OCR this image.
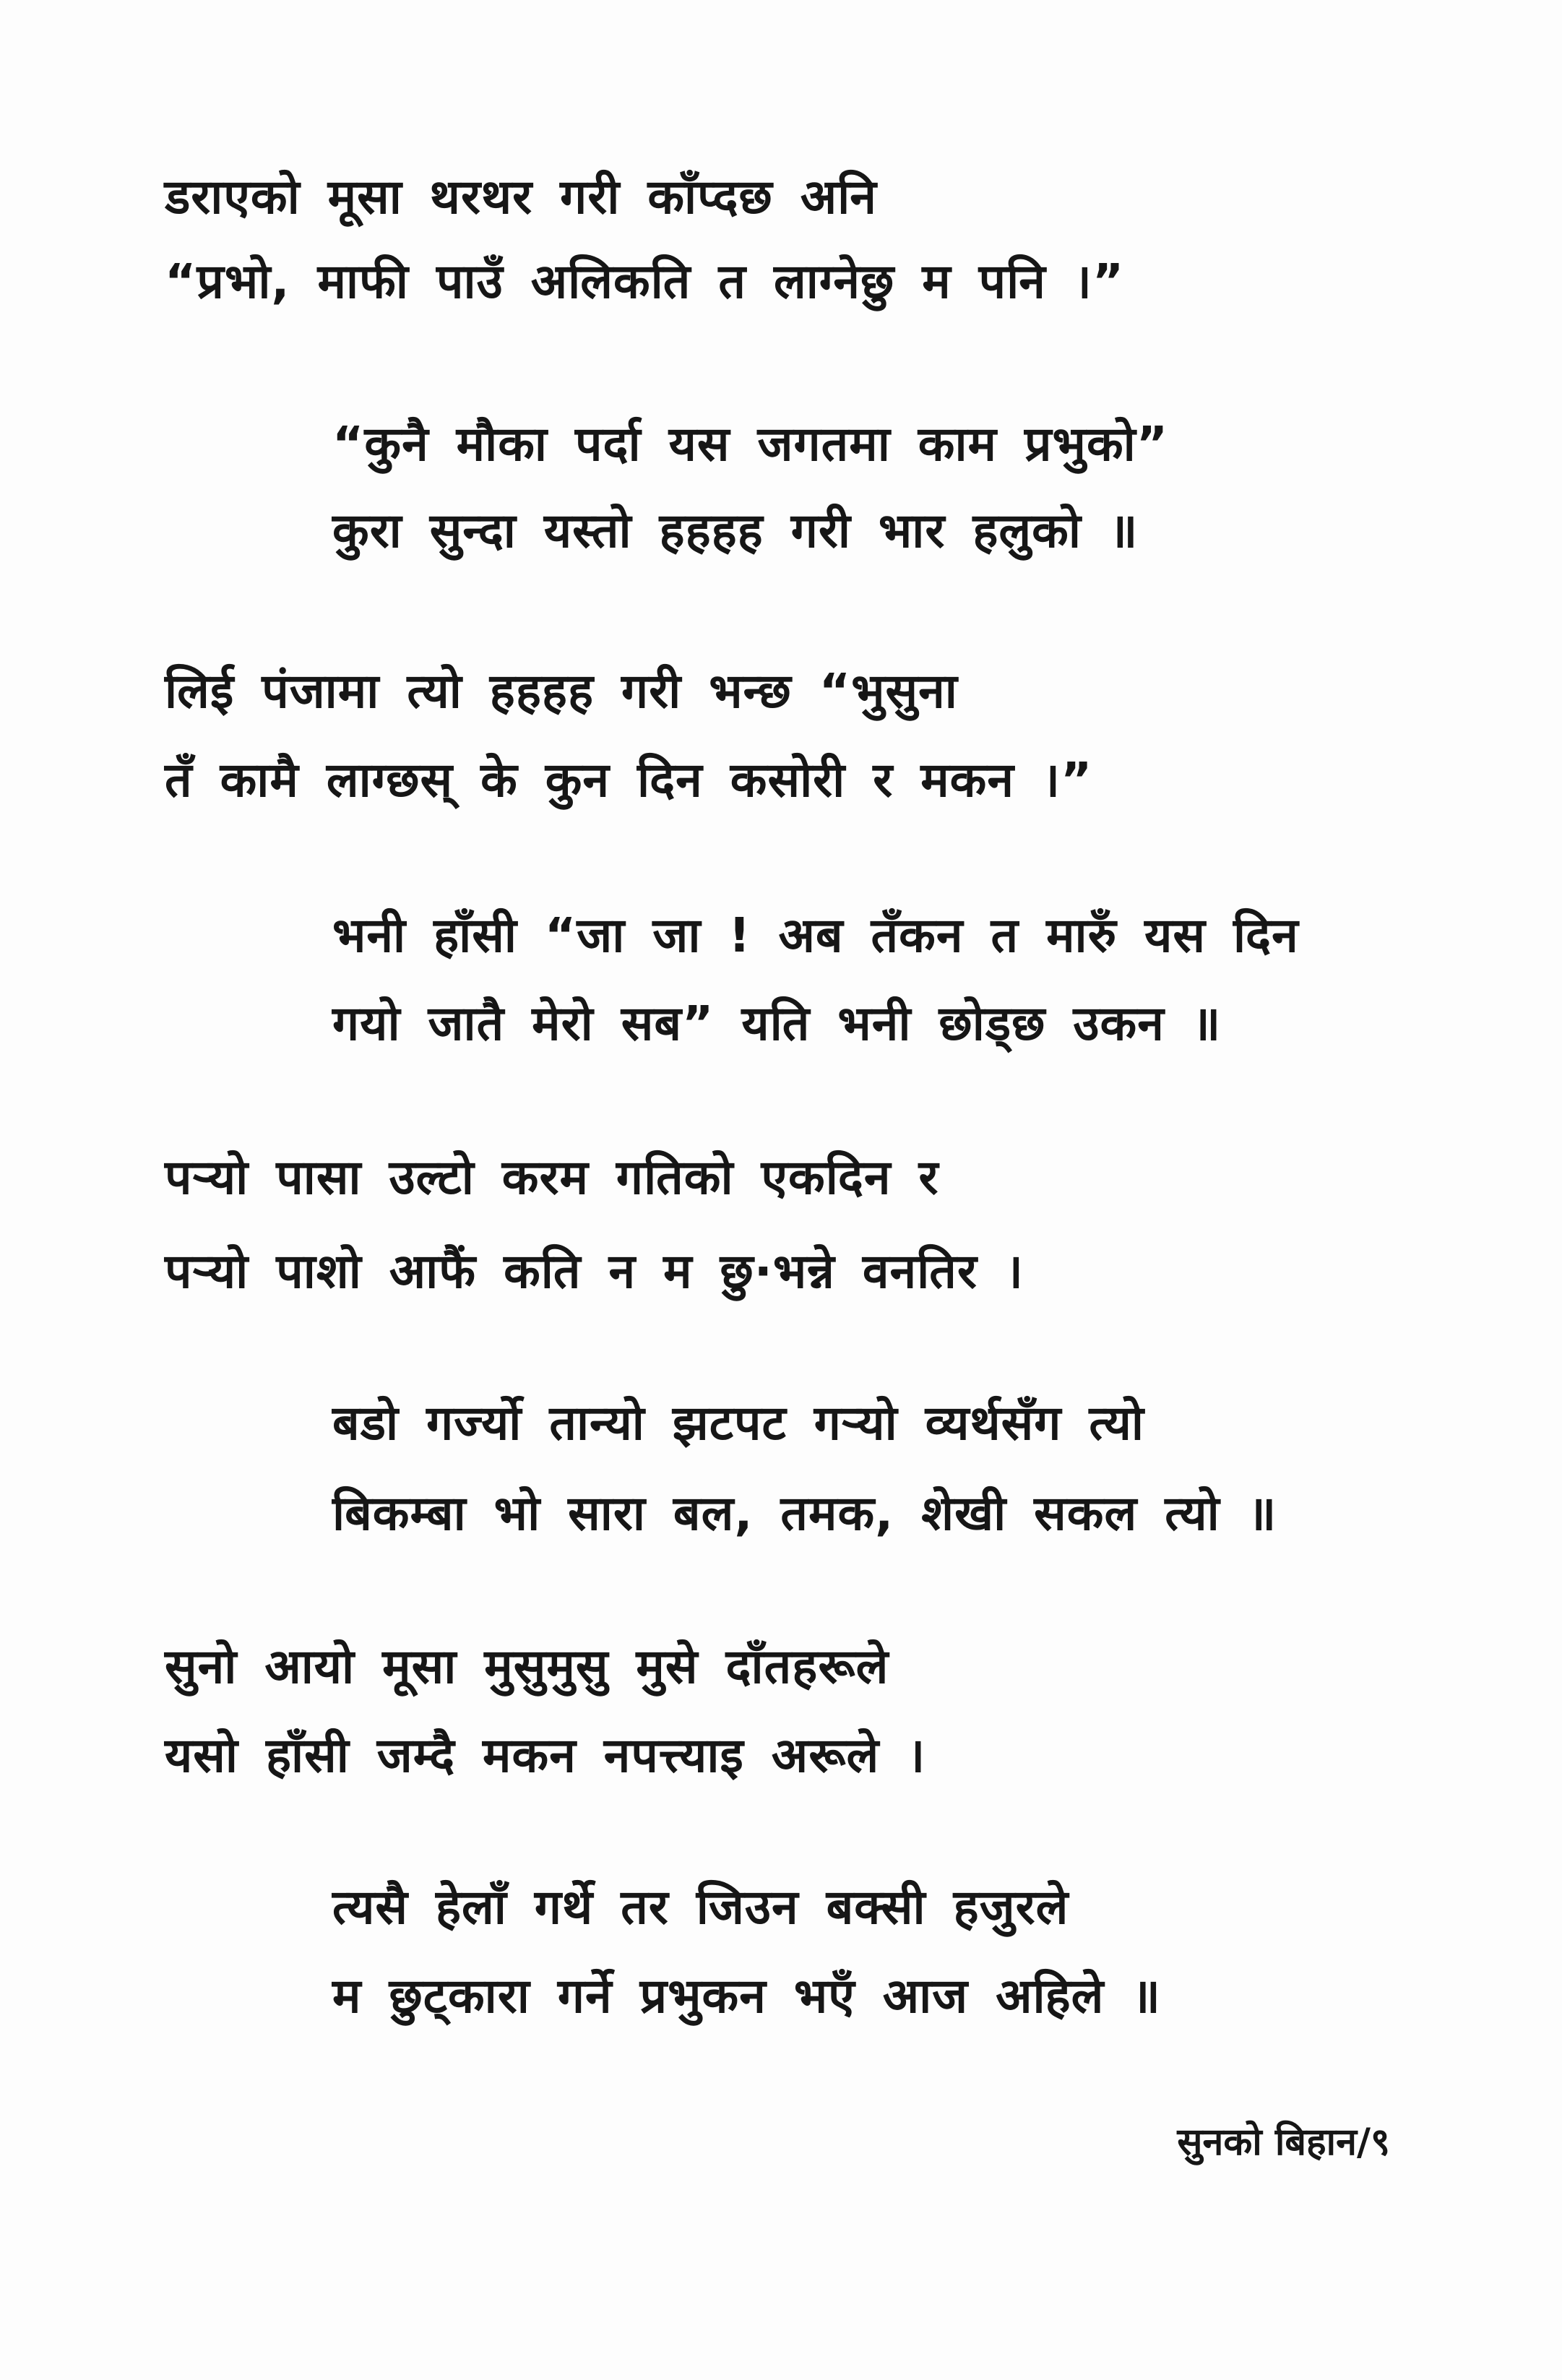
डराएको मूसा थरथर गरी काँप्दछ अनि
“प्रभो, माफी पाउँ अलिकति त लाग्नेछु म पनि ।”
“कुनै मौका पर्दा यस जगतमा काम प्रभुको”
कुरा सुन्दा यस्तो हहहह गरी भार हलुको ॥
लिई पंजामा त्यो हहहह गरी भन्छ “भुसुना
तँ कामै लाग्छस् के कुन दिन कसोरी र मकन ।”
भनी हाँसी “जा जा ! अब तँकन त मारुँ यस दिन
गयो जातै मेरो सब” यति भनी छोड्छ उकन ॥
पर्‍यो पासा उल्टो करम गतिको एकदिन र
पर्‍यो पाशो आफैं कति न म छु·भन्ने वनतिर ।
बडो गर्ज्यो तान्यो झटपट गर्‍यो व्यर्थसँग त्यो
बिकम्बा भो सारा बल, तमक, शेखी सकल त्यो ॥
सुनो आयो मूसा मुसुमुसु मुसे दाँतहरूले
यसो हाँसी जम्दै मकन नपत्त्याइ अरूले ।
त्यसै हेलाँ गर्थे तर जिउन बक्सी हजुरले
म छुट्कारा गर्ने प्रभुकन भएँ आज अहिले ॥
सुनको बिहान/९
